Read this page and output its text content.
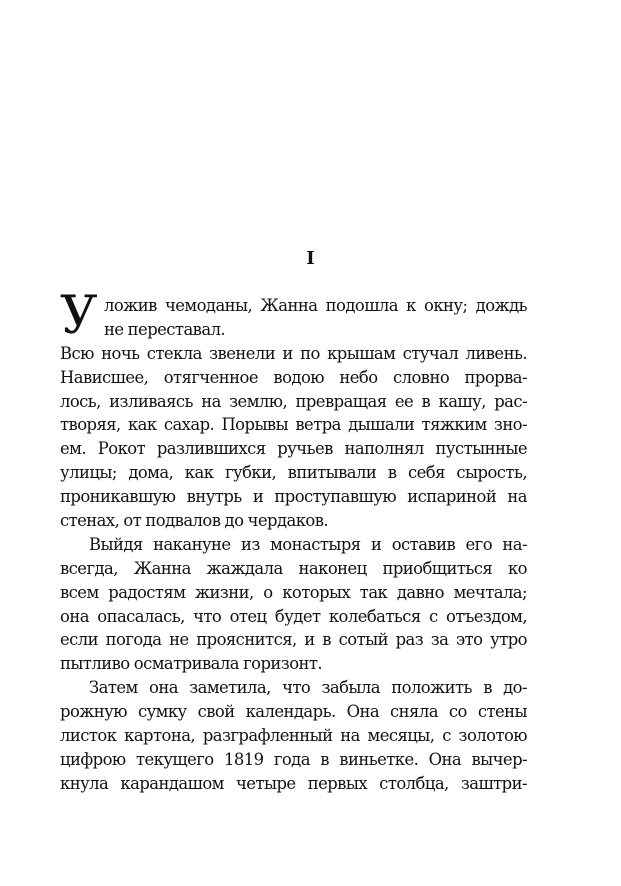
I
У ложив чемоданы, Жанна подошла к окну; дождь
не переставал.
Всю ночь стекла звенели и по крышам стучал ливень.
Нависшее, отягченное водою небо словно прорва-
лось, изливаясь на землю, превращая ее в кашу, рас-
творяя, как сахар. Порывы ветра дышали тяжким зно-
ем. Рокот разлившихся ручьев наполнял пустынные
улицы; дома, как губки, впитывали в себя сырость,
проникавшую внутрь и проступавшую испариной на
стенах, от подвалов до чердаков.
Выйдя накануне из монастыря и оставив его на-
всегда, Жанна жаждала наконец приобщиться ко
всем радостям жизни, о которых так давно мечтала;
она опасалась, что отец будет колебаться с отъездом,
если погода не прояснится, и в сотый раз за это утро
пытливо осматривала горизонт.
Затем она заметила, что забыла положить в до-
рожную сумку свой календарь. Она сняла со стены
листок картона, разграфленный на месяцы, с золотою
цифрою текущего 1819 года в виньетке. Она вычер-
кнула карандашом четыре первых столбца, заштри-
